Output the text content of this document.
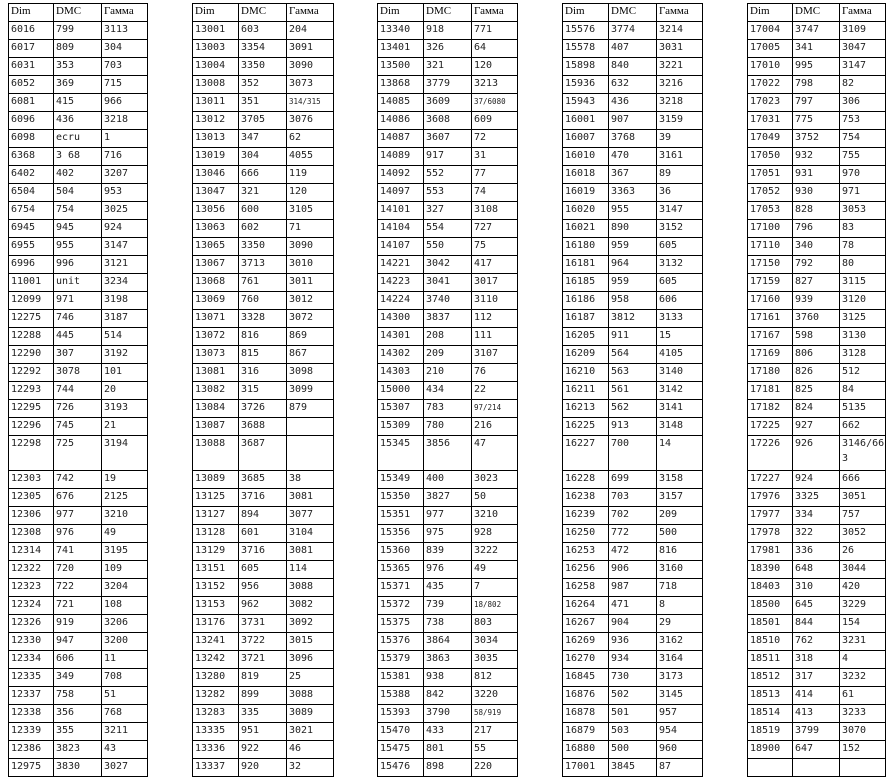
Dim	DMC	Гамма
6016	799	3113
6017	809	304
6031	353	703
6052	369	715
6081	415	966
6096	436	3218
6098	ecru	1
6368	3 68	716
6402	402	3207
6504	504	953
6754	754	3025
6945	945	924
6955	955	3147
6996	996	3121
11001	unit	3234
12099	971	3198
12275	746	3187
12288	445	514
12290	307	3192
12292	3078	101
12293	744	20
12295	726	3193
12296	745	21
12298	725	3194
12303	742	19
12305	676	2125
12306	977	3210
12308	976	49
12314	741	3195
12322	720	109
12323	722	3204
12324	721	108
12326	919	3206
12330	947	3200
12334	606	11
12335	349	708
12337	758	51
12338	356	768
12339	355	3211
12386	3823	43
12975	3830	3027
Dim	DMC	Гамма
13001	603	204
13003	3354	3091
13004	3350	3090
13008	352	3073
13011	351	314/315
13012	3705	3076
13013	347	62
13019	304	4055
13046	666	119
13047	321	120
13056	600	3105
13063	602	71
13065	3350	3090
13067	3713	3010
13068	761	3011
13069	760	3012
13071	3328	3072
13072	816	869
13073	815	867
13081	316	3098
13082	315	3099
13084	3726	879
13087	3688	
13088	3687	
13089	3685	38
13125	3716	3081
13127	894	3077
13128	601	3104
13129	3716	3081
13151	605	114
13152	956	3088
13153	962	3082
13176	3731	3092
13241	3722	3015
13242	3721	3096
13280	819	25
13282	899	3088
13283	335	3089
13335	951	3021
13336	922	46
13337	920	32
Dim	DMC	Гамма
13340	918	771
13401	326	64
13500	321	120
13868	3779	3213
14085	3609	37/6080
14086	3608	609
14087	3607	72
14089	917	31
14092	552	77
14097	553	74
14101	327	3108
14104	554	727
14107	550	75
14221	3042	417
14223	3041	3017
14224	3740	3110
14300	3837	112
14301	208	111
14302	209	3107
14303	210	76
15000	434	22
15307	783	97/214
15309	780	216
15345	3856	47
15349	400	3023
15350	3827	50
15351	977	3210
15356	975	928
15360	839	3222
15365	976	49
15371	435	7
15372	739	18/802
15375	738	803
15376	3864	3034
15379	3863	3035
15381	938	812
15388	842	3220
15393	3790	58/919
15470	433	217
15475	801	55
15476	898	220
Dim	DMC	Гамма
15576	3774	3214
15578	407	3031
15898	840	3221
15936	632	3216
15943	436	3218
16001	907	3159
16007	3768	39
16010	470	3161
16018	367	89
16019	3363	36
16020	955	3147
16021	890	3152
16180	959	605
16181	964	3132
16185	959	605
16186	958	606
16187	3812	3133
16205	911	15
16209	564	4105
16210	563	3140
16211	561	3142
16213	562	3141
16225	913	3148
16227	700	14
16228	699	3158
16238	703	3157
16239	702	209
16250	772	500
16253	472	816
16256	906	3160
16258	987	718
16264	471	8
16267	904	29
16269	936	3162
16270	934	3164
16845	730	3173
16876	502	3145
16878	501	957
16879	503	954
16880	500	960
17001	3845	87
Dim	DMC	Гамма
17004	3747	3109
17005	341	3047
17010	995	3147
17022	798	82
17023	797	306
17031	775	753
17049	3752	754
17050	932	755
17051	931	970
17052	930	971
17053	828	3053
17100	796	83
17110	340	78
17150	792	80
17159	827	3115
17160	939	3120
17161	3760	3125
17167	598	3130
17169	806	3128
17180	826	512
17181	825	84
17182	824	5135
17225	927	662
17226	926	3146/663
17227	924	666
17976	3325	3051
17977	334	757
17978	322	3052
17981	336	26
18390	648	3044
18403	310	420
18500	645	3229
18501	844	154
18510	762	3231
18511	318	4
18512	317	3232
18513	414	61
18514	413	3233
18519	3799	3070
18900	647	152
